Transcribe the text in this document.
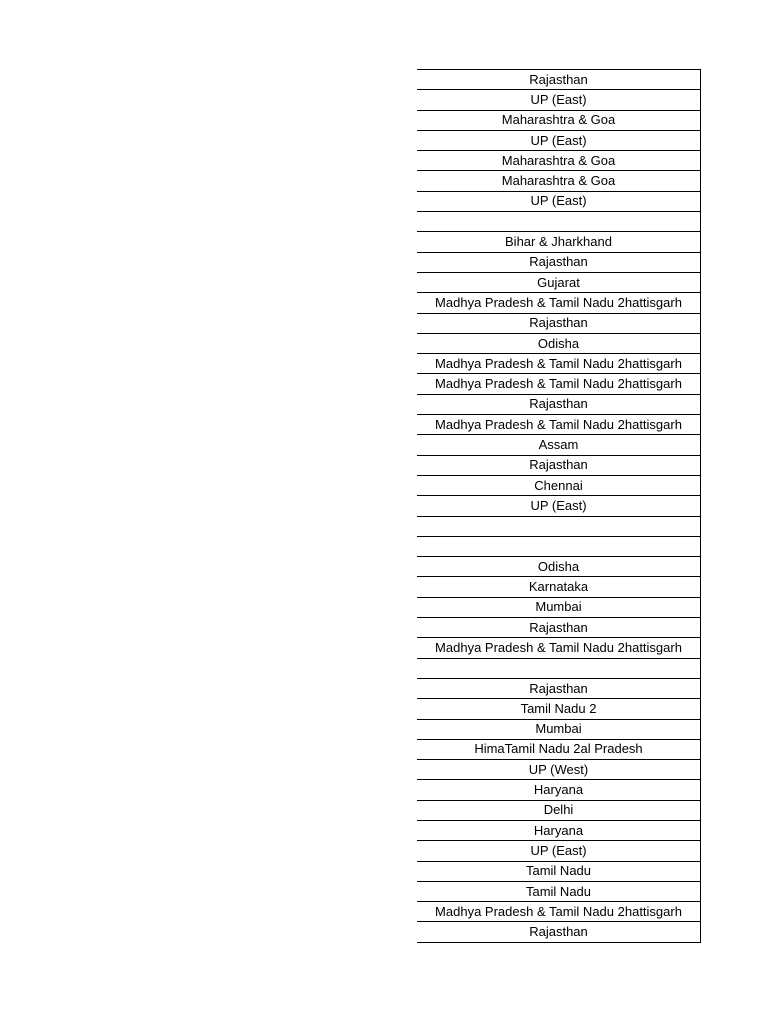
Rajasthan
UP (East)
Maharashtra & Goa
UP (East)
Maharashtra & Goa
Maharashtra & Goa
UP (East)

Bihar & Jharkhand
Rajasthan
Gujarat
Madhya Pradesh & Tamil Nadu 2hattisgarh
Rajasthan
Odisha
Madhya Pradesh & Tamil Nadu 2hattisgarh
Madhya Pradesh & Tamil Nadu 2hattisgarh
Rajasthan
Madhya Pradesh & Tamil Nadu 2hattisgarh
Assam
Rajasthan
Chennai
UP (East)

Odisha
Karnataka
Mumbai
Rajasthan
Madhya Pradesh & Tamil Nadu 2hattisgarh

Rajasthan
Tamil Nadu 2
Mumbai
HimaTamil Nadu 2al Pradesh
UP (West)
Haryana
Delhi
Haryana
UP (East)
Tamil Nadu
Tamil Nadu
Madhya Pradesh & Tamil Nadu 2hattisgarh
Rajasthan
